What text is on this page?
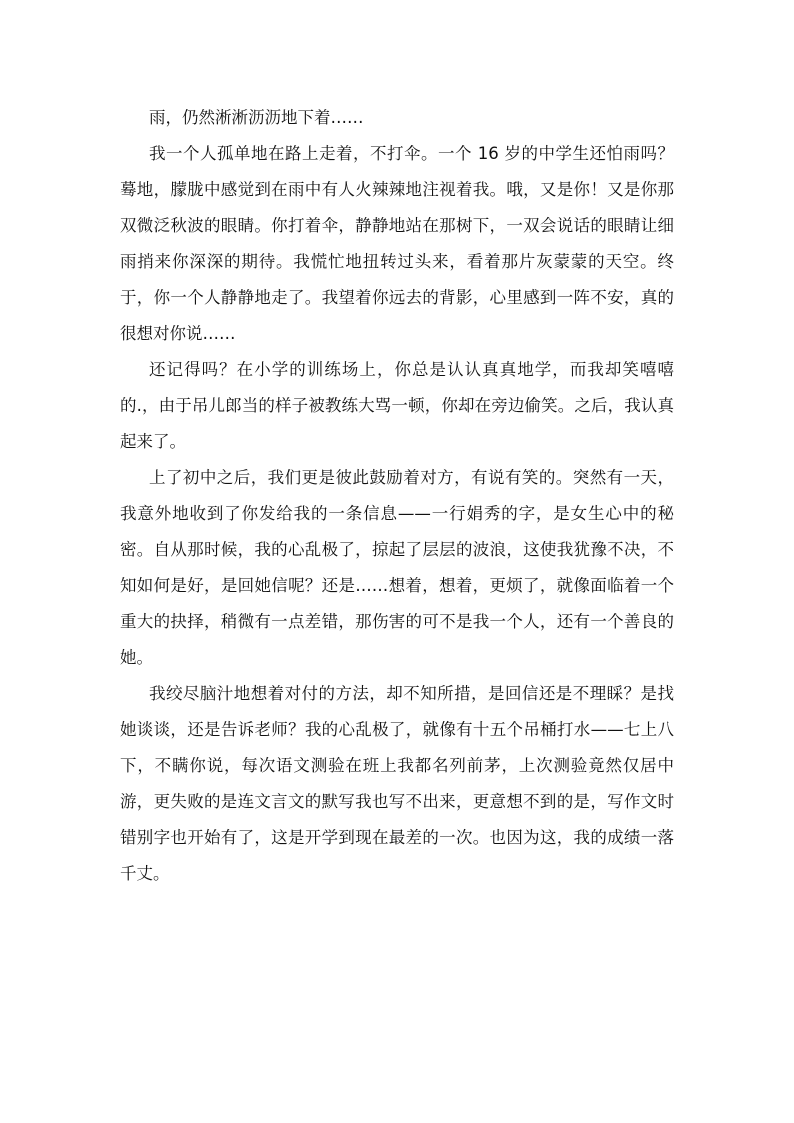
雨，仍然淅淅沥沥地下着……

我一个人孤单地在路上走着，不打伞。一个 16 岁的中学生还怕雨吗？蓦地，朦胧中感觉到在雨中有人火辣辣地注视着我。哦，又是你！又是你那双微泛秋波的眼睛。你打着伞，静静地站在那树下，一双会说话的眼睛让细雨捎来你深深的期待。我慌忙地扭转过头来，看着那片灰蒙蒙的天空。终于，你一个人静静地走了。我望着你远去的背影，心里感到一阵不安，真的很想对你说……

还记得吗？在小学的训练场上，你总是认认真真地学，而我却笑嘻嘻的.，由于吊儿郎当的样子被教练大骂一顿，你却在旁边偷笑。之后，我认真起来了。

上了初中之后，我们更是彼此鼓励着对方，有说有笑的。突然有一天，我意外地收到了你发给我的一条信息——一行娟秀的字，是女生心中的秘密。自从那时候，我的心乱极了，掠起了层层的波浪，这使我犹豫不决，不知如何是好，是回她信呢？还是……想着，想着，更烦了，就像面临着一个重大的抉择，稍微有一点差错，那伤害的可不是我一个人，还有一个善良的她。

我绞尽脑汁地想着对付的方法，却不知所措，是回信还是不理睬？是找她谈谈，还是告诉老师？我的心乱极了，就像有十五个吊桶打水——七上八下，不瞒你说，每次语文测验在班上我都名列前茅，上次测验竟然仅居中游，更失败的是连文言文的默写我也写不出来，更意想不到的是，写作文时错别字也开始有了，这是开学到现在最差的一次。也因为这，我的成绩一落千丈。
